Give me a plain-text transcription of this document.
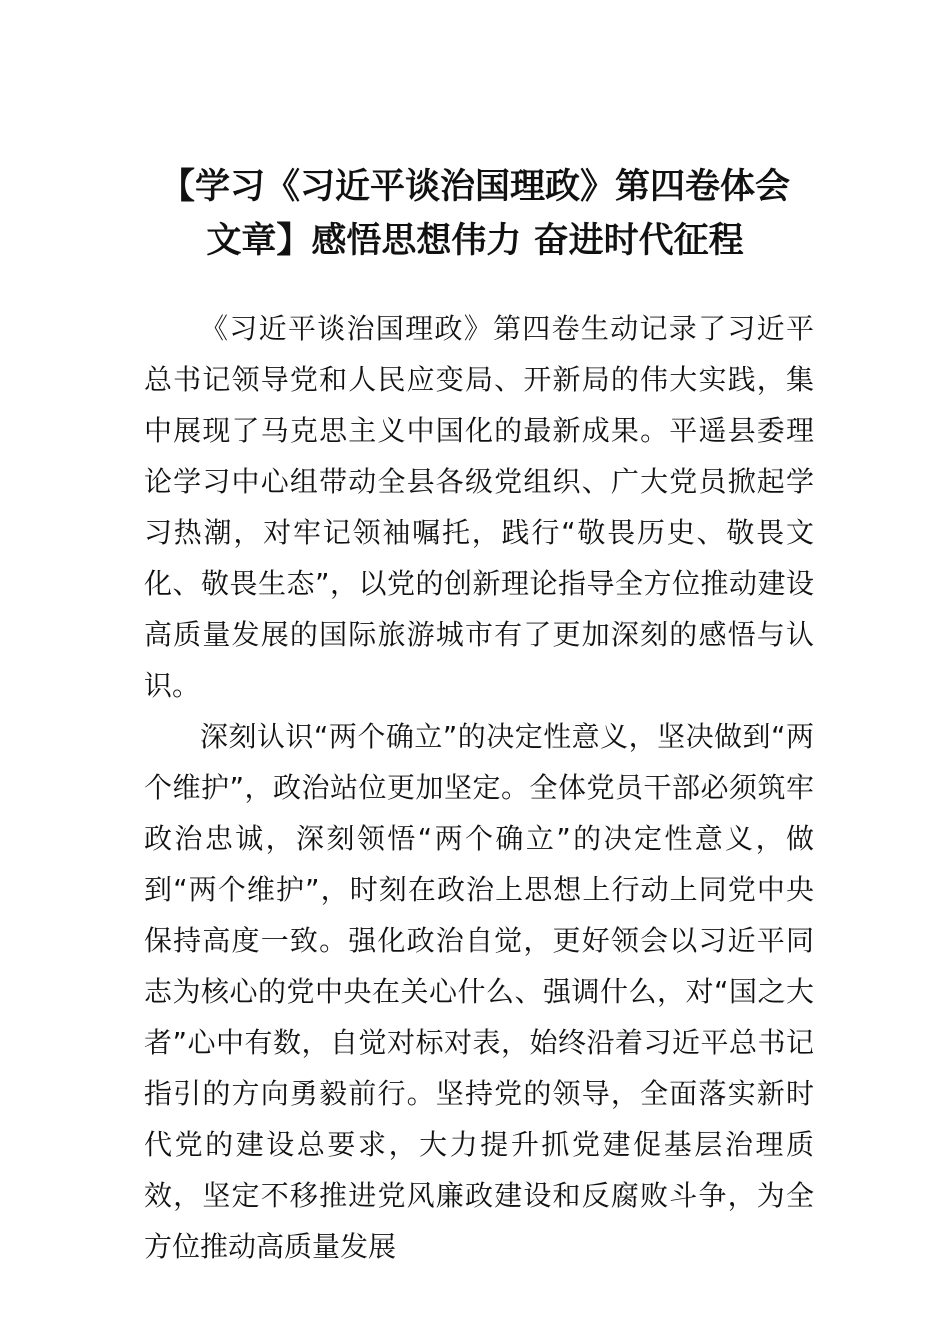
【学习《习近平谈治国理政》第四卷体会
文章】感悟思想伟力 奋进时代征程

《习近平谈治国理政》第四卷生动记录了习近平总书记领导党和人民应变局、开新局的伟大实践，集中展现了马克思主义中国化的最新成果。平遥县委理论学习中心组带动全县各级党组织、广大党员掀起学习热潮，对牢记领袖嘱托，践行“敬畏历史、敬畏文化、敬畏生态”，以党的创新理论指导全方位推动建设高质量发展的国际旅游城市有了更加深刻的感悟与认识。

深刻认识“两个确立”的决定性意义，坚决做到“两个维护”，政治站位更加坚定。全体党员干部必须筑牢政治忠诚，深刻领悟“两个确立”的决定性意义，做到“两个维护”，时刻在政治上思想上行动上同党中央保持高度一致。强化政治自觉，更好领会以习近平同志为核心的党中央在关心什么、强调什么，对“国之大者”心中有数，自觉对标对表，始终沿着习近平总书记指引的方向勇毅前行。坚持党的领导，全面落实新时代党的建设总要求，大力提升抓党建促基层治理质效，坚定不移推进党风廉政建设和反腐败斗争，为全方位推动高质量发展
